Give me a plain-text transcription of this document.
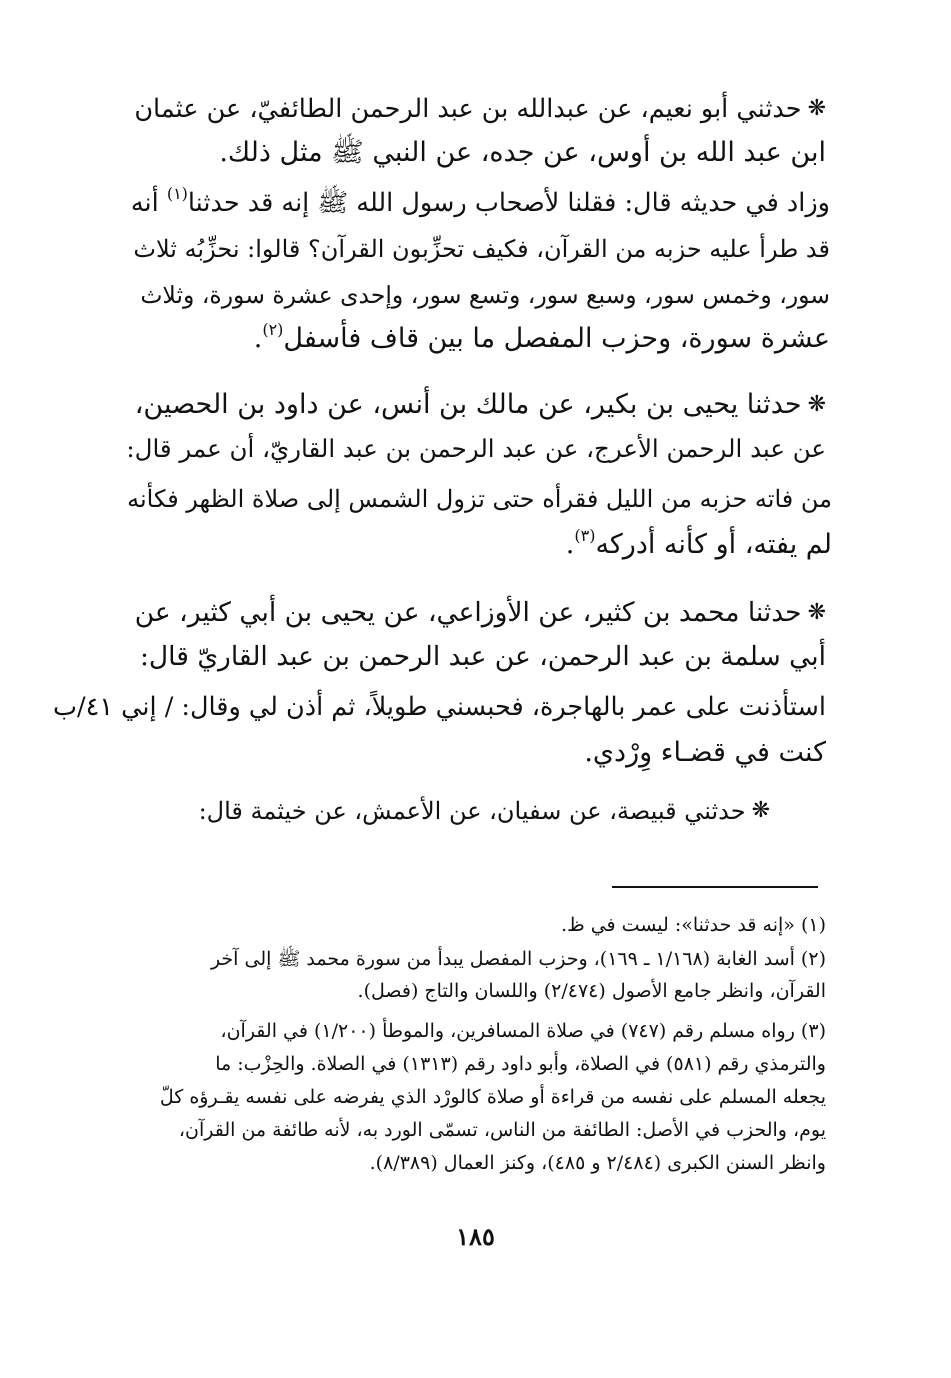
❋حدثني أبو نعيم، عن عبدالله بن عبد الرحمن الطائفيّ، عن عثمان
ابن عبد الله بن أوس، عن جده، عن النبي ﷺ مثل ذلك.
وزاد في حديثه قال: فقلنا لأصحاب رسول الله ﷺ إنه قد حدثنا$^{(١)}$ أنه
قد طرأ عليه حزبه من القرآن، فكيف تحزِّبون القرآن؟ قالوا: نحزِّبُه ثلاث
سور، وخمس سور، وسبع سور، وتسع سور، وإحدى عشرة سورة، وثلاث
عشرة سورة، وحزب المفصل ما بين قاف فأسفل$^{(٢)}$.
❋حدثنا يحيى بن بكير، عن مالك بن أنس، عن داود بن الحصين،
عن عبد الرحمن الأعرج، عن عبد الرحمن بن عبد القاريّ، أن عمر قال:
من فاته حزبه من الليل فقرأه حتى تزول الشمس إلى صلاة الظهر فكأنه
لم يفته، أو كأنه أدركه$^{(٣)}$.
❋حدثنا محمد بن كثير، عن الأوزاعي، عن يحيى بن أبي كثير، عن
أبي سلمة بن عبد الرحمن، عن عبد الرحمن بن عبد القاريّ قال:
استأذنت على عمر بالهاجرة، فحبسني طويلاً، ثم أذن لي وقال: / إني ٤١/ب
كنت في قضـاء وِرْدي.
❋حدثني قبيصة، عن سفيان، عن الأعمش، عن خيثمة قال:
(١) «إنه قد حدثنا»: ليست في ظ.
(٢) أسد الغابة (١/١٦٨ ـ ١٦٩)، وحزب المفصل يبدأ من سورة محمد ﷺ إلى آخر
القرآن، وانظر جامع الأصول (٢/٤٧٤) واللسان والتاج (فصل).
(٣) رواه مسلم رقم (٧٤٧) في صلاة المسافرين، والموطأ (١/٢٠٠) في القرآن،
والترمذي رقم (٥٨١) في الصلاة، وأبو داود رقم (١٣١٣) في الصلاة. والحِزْب: ما
يجعله المسلم على نفسه من قراءة أو صلاة كالورْد الذي يفرضه على نفسه يقـرؤه كلّ
يوم، والحزب في الأصل: الطائفة من الناس، تسمّى الورد به، لأنه طائفة من القرآن،
وانظر السنن الكبرى (٢/٤٨٤ و ٤٨٥)، وكنز العمال (٨/٣٨٩).
١٨٥
